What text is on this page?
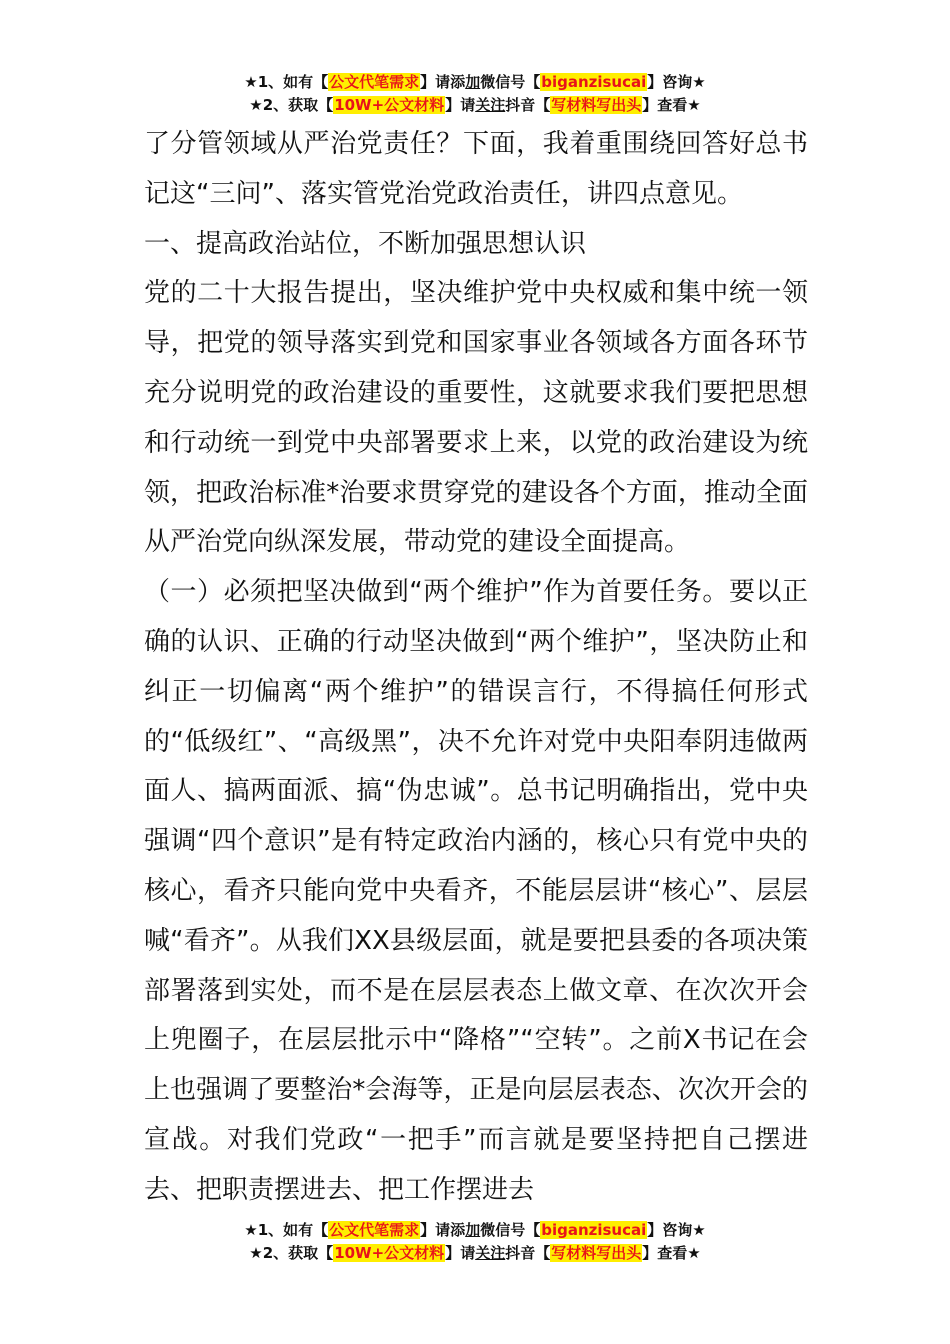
★1、如有【公文代笔需求】请添加微信号【biganzisucai】咨询★
★2、获取【10W+公文材料】请关注抖音【写材料写出头】查看★

了分管领域从严治党责任？下面，我着重围绕回答好总书记这“三问”、落实管党治党政治责任，讲四点意见。

一、提高政治站位，不断加强思想认识

党的二十大报告提出，坚决维护党中央权威和集中统一领导，把党的领导落实到党和国家事业各领域各方面各环节充分说明党的政治建设的重要性，这就要求我们要把思想和行动统一到党中央部署要求上来，以党的政治建设为统领，把政治标准*治要求贯穿党的建设各个方面，推动全面从严治党向纵深发展，带动党的建设全面提高。

（一）必须把坚决做到“两个维护”作为首要任务。要以正确的认识、正确的行动坚决做到“两个维护”，坚决防止和纠正一切偏离“两个维护”的错误言行，不得搞任何形式的“低级红”、“高级黑”，决不允许对党中央阳奉阴违做两面人、搞两面派、搞“伪忠诚”。总书记明确指出，党中央强调“四个意识”是有特定政治内涵的，核心只有党中央的核心，看齐只能向党中央看齐，不能层层讲“核心”、层层喊“看齐”。从我们XX县级层面，就是要把县委的各项决策部署落到实处，而不是在层层表态上做文章、在次次开会上兜圈子，在层层批示中“降格”“空转”。之前X书记在会上也强调了要整治*会海等，正是向层层表态、次次开会的宣战。对我们党政“一把手”而言就是要坚持把自己摆进去、把职责摆进去、把工作摆进去

★1、如有【公文代笔需求】请添加微信号【biganzisucai】咨询★
★2、获取【10W+公文材料】请关注抖音【写材料写出头】查看★
